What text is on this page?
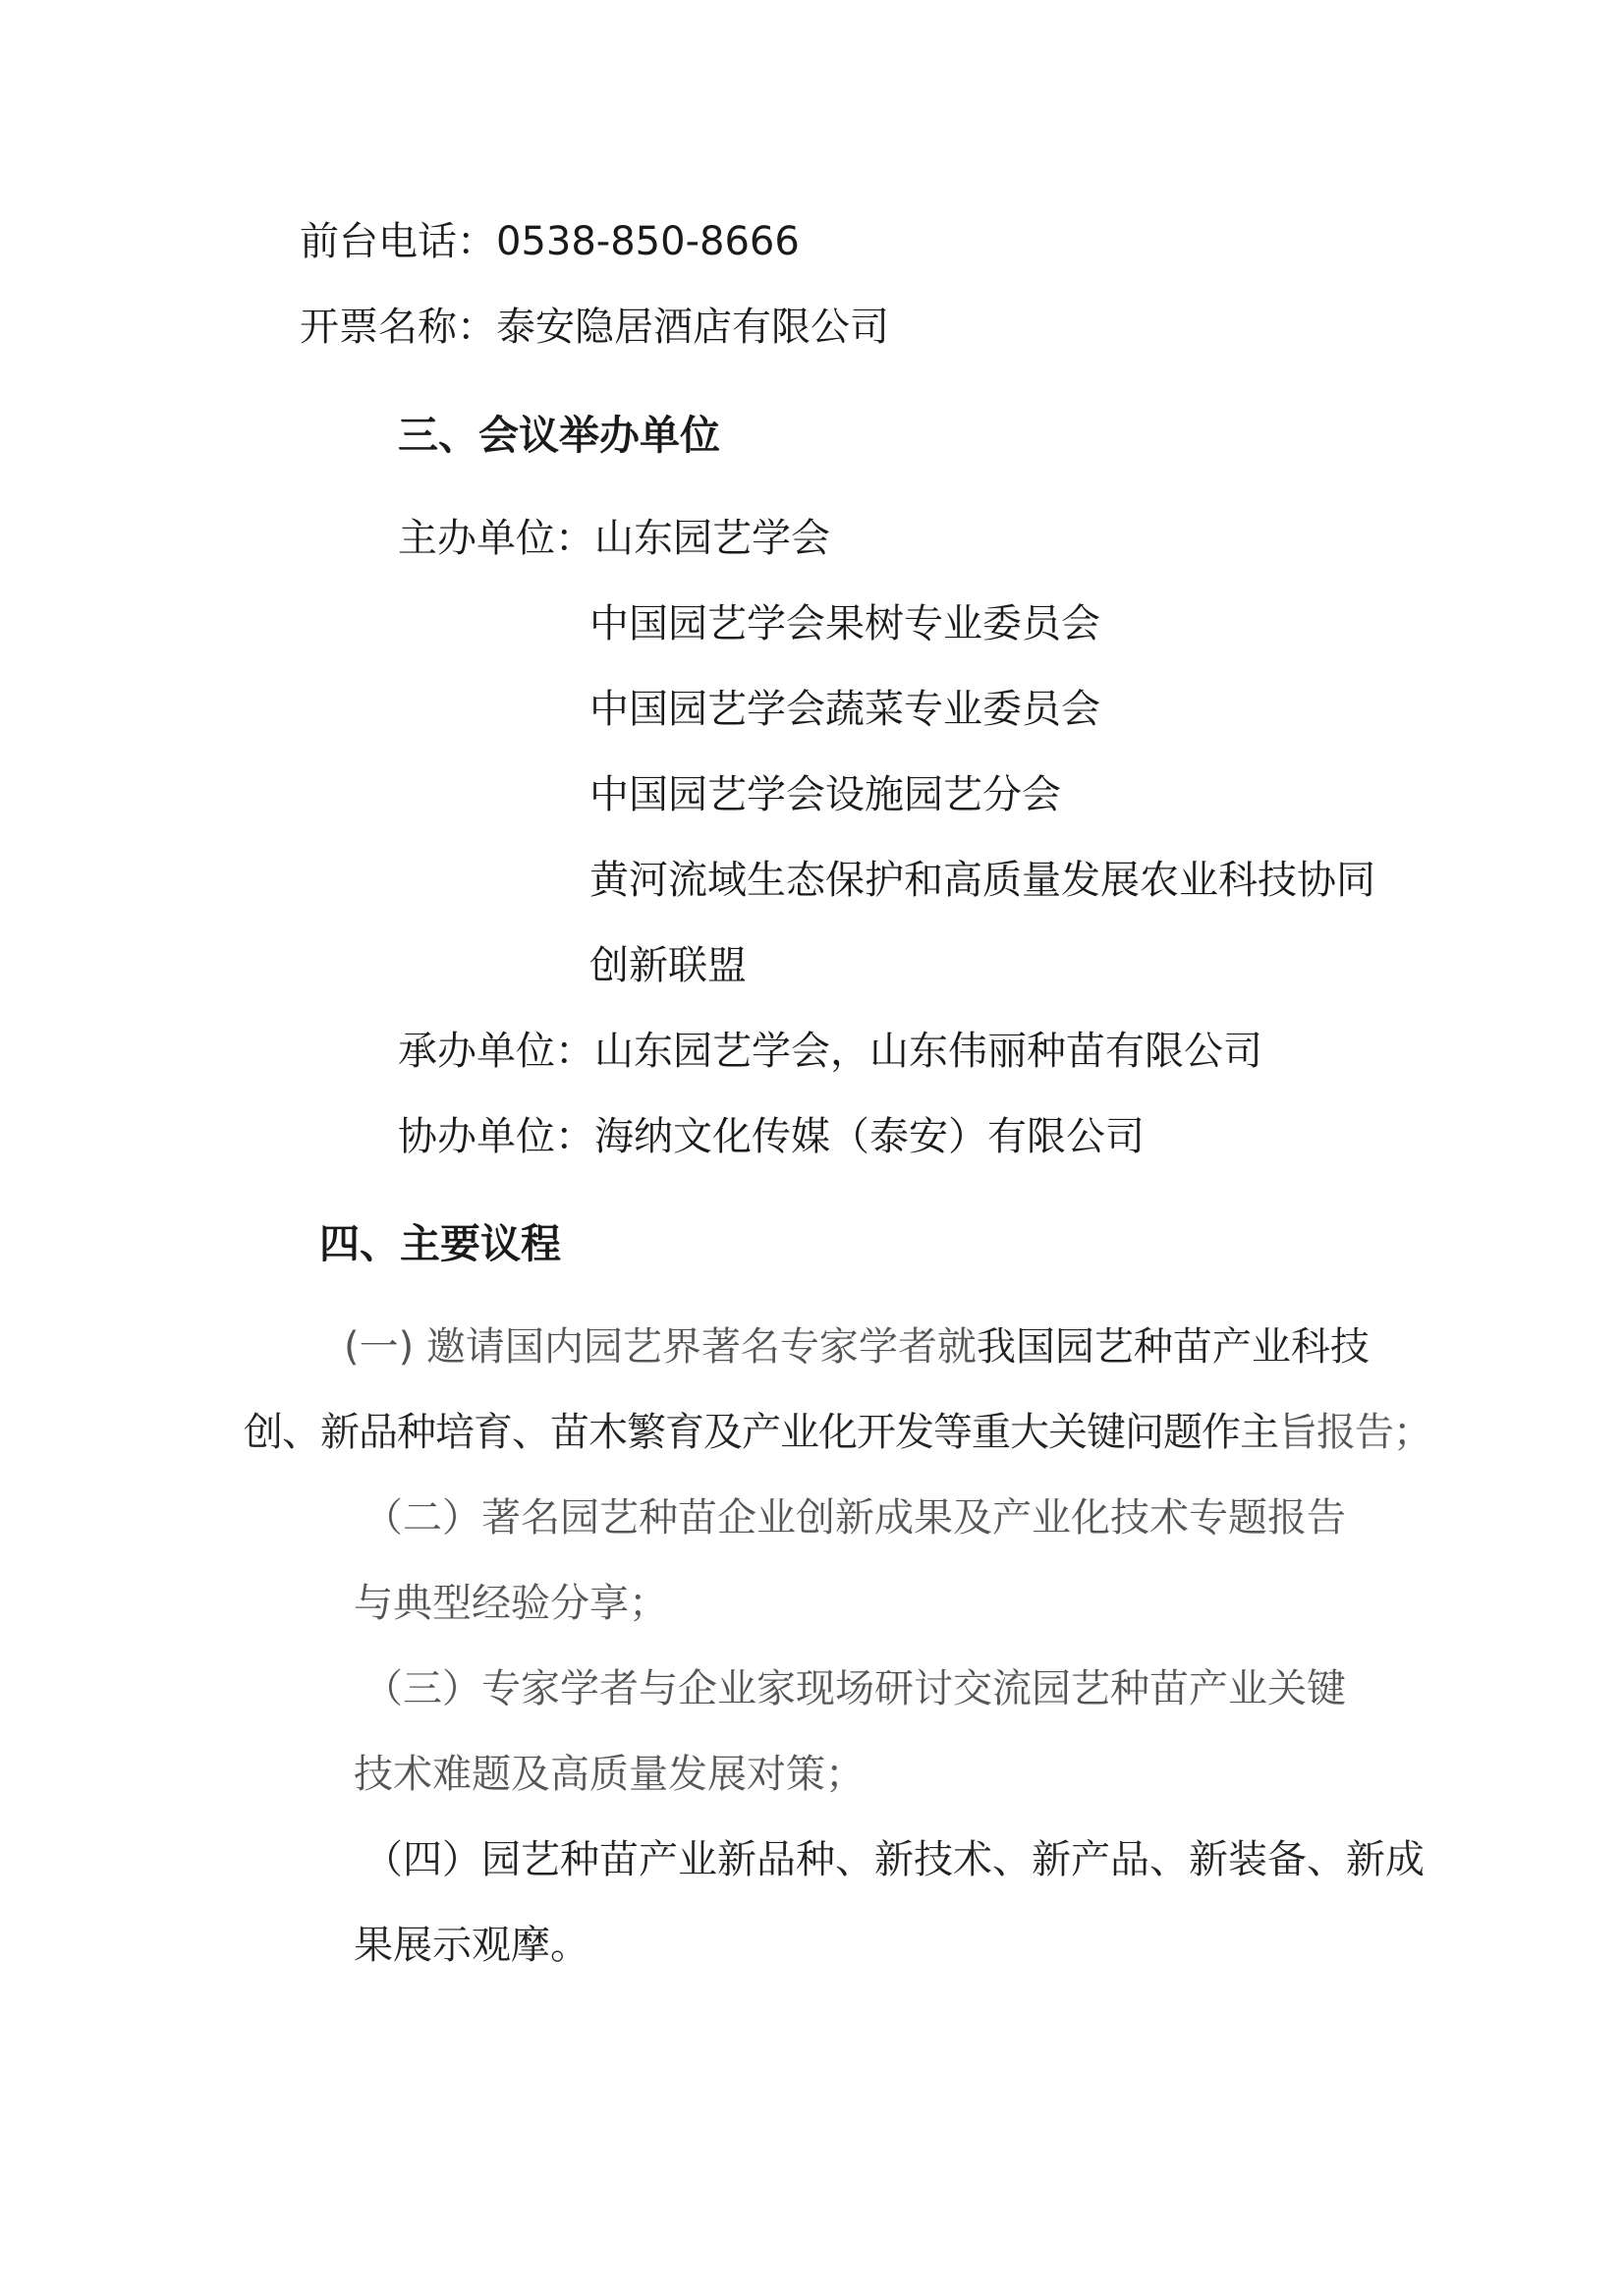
前台电话：0538-850-8666
开票名称：泰安隐居酒店有限公司
三、会议举办单位
主办单位：山东园艺学会
中国园艺学会果树专业委员会
中国园艺学会蔬菜专业委员会
中国园艺学会设施园艺分会
黄河流域生态保护和高质量发展农业科技协同
创新联盟
承办单位：山东园艺学会，山东伟丽种苗有限公司
协办单位：海纳文化传媒（泰安）有限公司
四、主要议程
(一) 邀请国内园艺界著名专家学者就我国园艺种苗产业科技
创、新品种培育、苗木繁育及产业化开发等重大关键问题作主旨报告；
（二）著名园艺种苗企业创新成果及产业化技术专题报告
与典型经验分享；
（三）专家学者与企业家现场研讨交流园艺种苗产业关键
技术难题及高质量发展对策；
（四）园艺种苗产业新品种、新技术、新产品、新装备、新成
果展示观摩。
